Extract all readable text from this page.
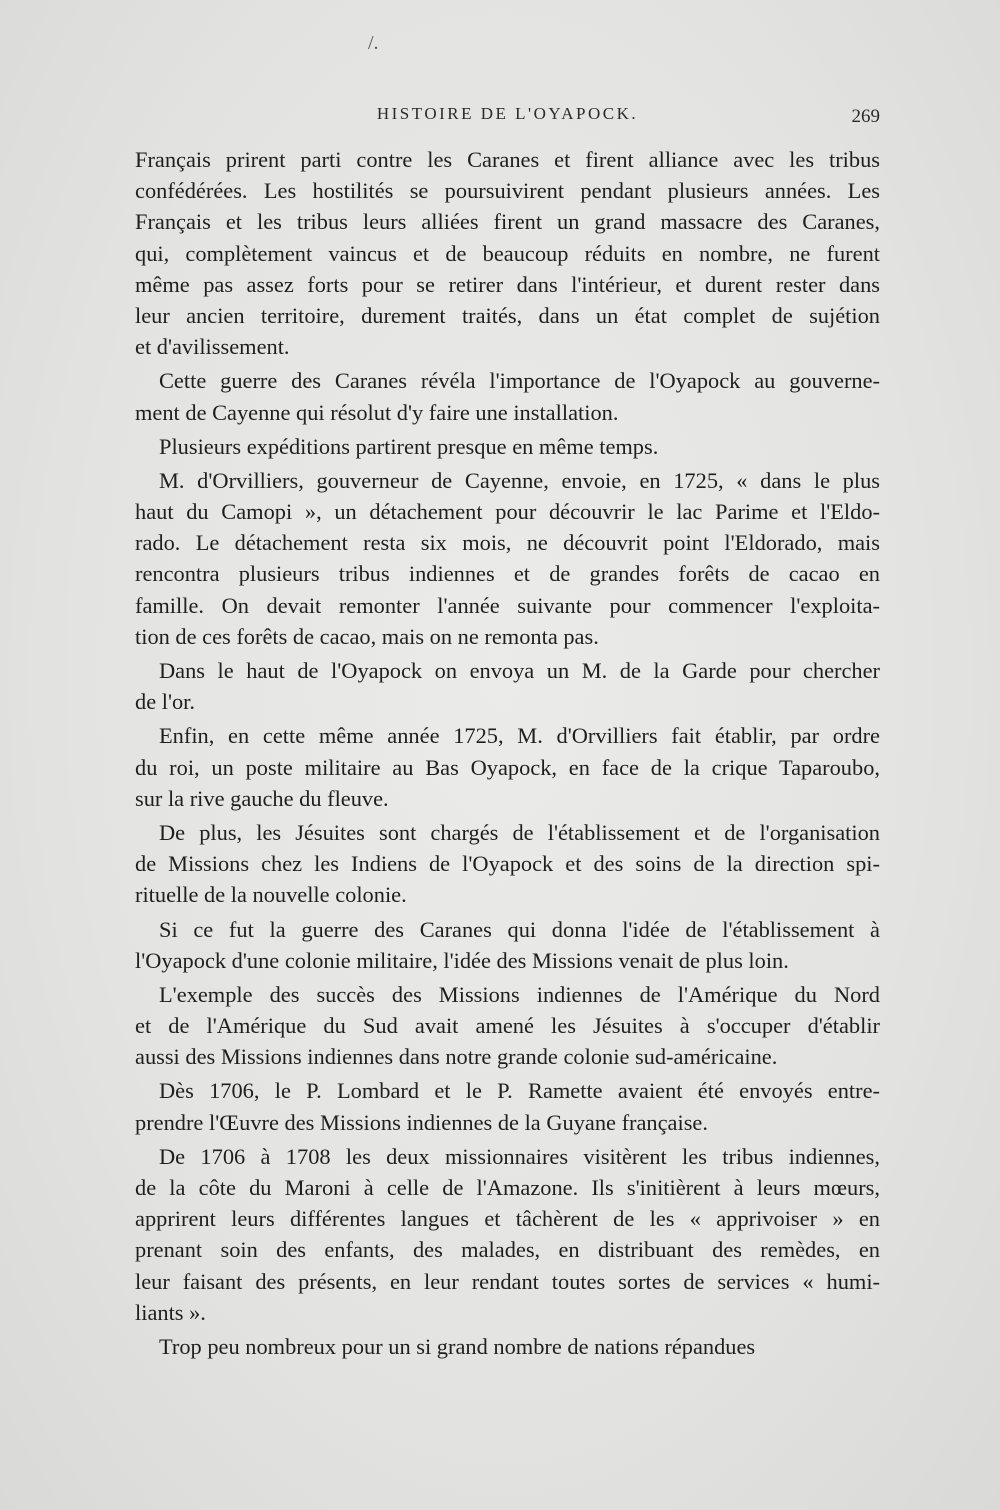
/.
HISTOIRE DE L'OYAPOCK.	269
Français prirent parti contre les Caranes et firent alliance avec les tribus
confédérées. Les hostilités se poursuivirent pendant plusieurs années. Les
Français et les tribus leurs alliées firent un grand massacre des Caranes,
qui, complètement vaincus et de beaucoup réduits en nombre, ne furent
même pas assez forts pour se retirer dans l'intérieur, et durent rester dans
leur ancien territoire, durement traités, dans un état complet de sujétion
et d'avilissement.
Cette guerre des Caranes révéla l'importance de l'Oyapock au gouverne-
ment de Cayenne qui résolut d'y faire une installation.
Plusieurs expéditions partirent presque en même temps.
M. d'Orvilliers, gouverneur de Cayenne, envoie, en 1725, « dans le plus
haut du Camopi », un détachement pour découvrir le lac Parime et l'Eldo-
rado. Le détachement resta six mois, ne découvrit point l'Eldorado, mais
rencontra plusieurs tribus indiennes et de grandes forêts de cacao en
famille. On devait remonter l'année suivante pour commencer l'exploita-
tion de ces forêts de cacao, mais on ne remonta pas.
Dans le haut de l'Oyapock on envoya un M. de la Garde pour chercher
de l'or.
Enfin, en cette même année 1725, M. d'Orvilliers fait établir, par ordre
du roi, un poste militaire au Bas Oyapock, en face de la crique Taparoubo,
sur la rive gauche du fleuve.
De plus, les Jésuites sont chargés de l'établissement et de l'organisation
de Missions chez les Indiens de l'Oyapock et des soins de la direction spi-
rituelle de la nouvelle colonie.
Si ce fut la guerre des Caranes qui donna l'idée de l'établissement à
l'Oyapock d'une colonie militaire, l'idée des Missions venait de plus loin.
L'exemple des succès des Missions indiennes de l'Amérique du Nord
et de l'Amérique du Sud avait amené les Jésuites à s'occuper d'établir
aussi des Missions indiennes dans notre grande colonie sud-américaine.
Dès 1706, le P. Lombard et le P. Ramette avaient été envoyés entre-
prendre l'Œuvre des Missions indiennes de la Guyane française.
De 1706 à 1708 les deux missionnaires visitèrent les tribus indiennes,
de la côte du Maroni à celle de l'Amazone. Ils s'initièrent à leurs mœurs,
apprirent leurs différentes langues et tâchèrent de les « apprivoiser » en
prenant soin des enfants, des malades, en distribuant des remèdes, en
leur faisant des présents, en leur rendant toutes sortes de services « humi-
liants ».
Trop peu nombreux pour un si grand nombre de nations répandues
